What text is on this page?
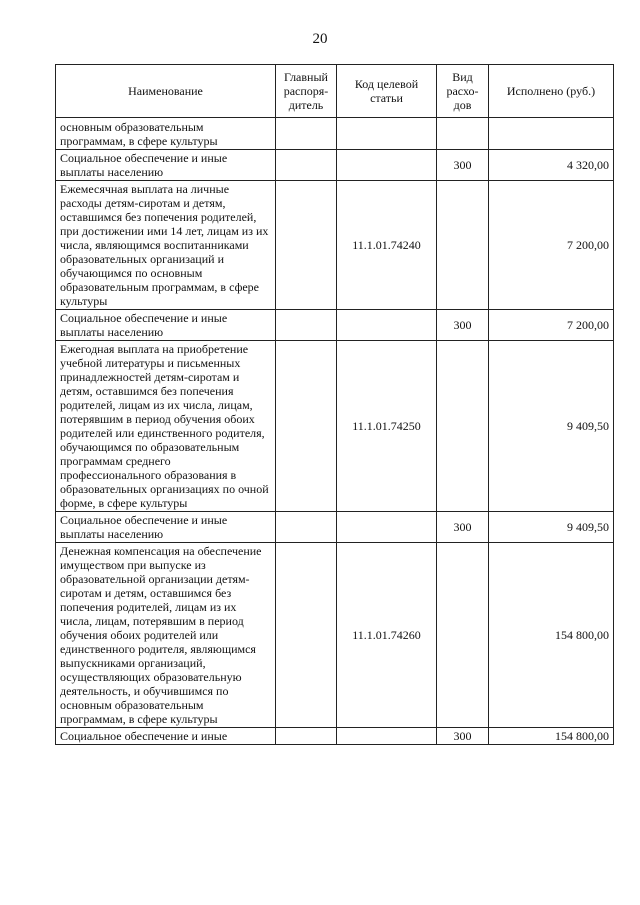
20
Наименование	Главный распоря- дитель	Код целевой статьи	Вид расхо- дов	Исполнено (руб.)
основным образовательным программам, в сфере культуры				
Социальное обеспечение и иные выплаты населению			300	4 320,00
Ежемесячная выплата на личные расходы детям-сиротам и детям, оставшимся без попечения родителей, при достижении ими 14 лет, лицам из их числа, являющимся воспитанниками образовательных организаций и обучающимся по основным образовательным программам, в сфере культуры		11.1.01.74240		7 200,00
Социальное обеспечение и иные выплаты населению			300	7 200,00
Ежегодная выплата на приобретение учебной литературы и письменных принадлежностей детям-сиротам и детям, оставшимся без попечения родителей, лицам из их числа, лицам, потерявшим в период обучения обоих родителей или единственного родителя, обучающимся по образовательным программам среднего профессионального образования в образовательных организациях по очной форме, в сфере культуры		11.1.01.74250		9 409,50
Социальное обеспечение и иные выплаты населению			300	9 409,50
Денежная компенсация на обеспечение имуществом при выпуске из образовательной организации детям-сиротам и детям, оставшимся без попечения родителей, лицам из их числа, лицам, потерявшим в период обучения обоих родителей или единственного родителя, являющимся выпускниками организаций, осуществляющих образовательную деятельность, и обучившимся по основным образовательным программам, в сфере культуры		11.1.01.74260		154 800,00
Социальное обеспечение и иные			300	154 800,00
